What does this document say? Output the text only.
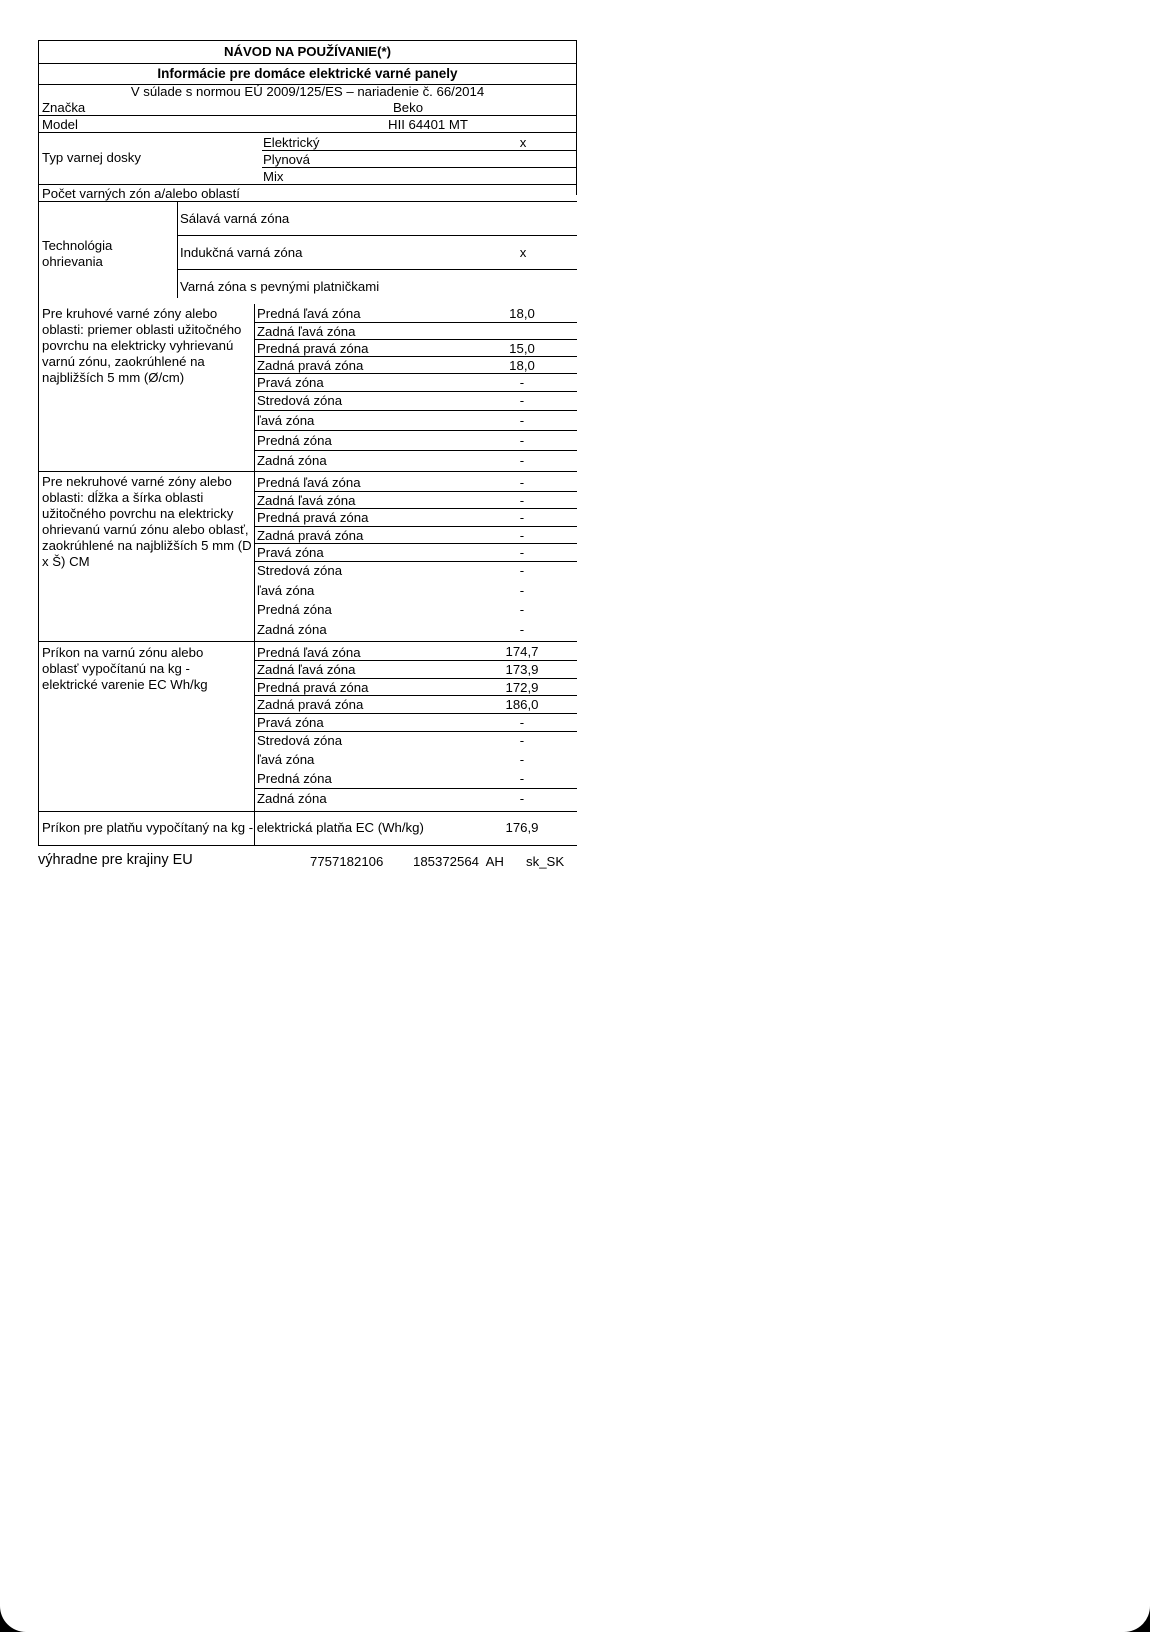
NÁVOD NA POUŽÍVANIE(*)
Informácie pre domáce elektrické varné panely
V súlade s normou EÚ 2009/125/ES – nariadenie č. 66/2014
Značka	Beko
Model	HII 64401 MT
Typ varnej dosky
Elektrický	x
Plynová
Mix
Počet varných zón a/alebo oblastí
Technológia ohrievania
Sálavá varná zóna
Indukčná varná zóna	x
Varná zóna s pevnými platničkami
Pre kruhové varné zóny alebo oblasti: priemer oblasti užitočného povrchu na elektricky vyhrievanú varnú zónu, zaokrúhlené na najbližších 5 mm (Ø/cm)
Predná ľavá zóna	18,0
Zadná ľavá zóna
Predná pravá zóna	15,0
Zadná pravá zóna	18,0
Pravá zóna	-
Stredová zóna	-
ľavá zóna	-
Predná zóna	-
Zadná zóna	-
Pre nekruhové varné zóny alebo oblasti: dĺžka a šírka oblasti užitočného povrchu na elektricky ohrievanú varnú zónu alebo oblasť, zaokrúhlené na najbližších 5 mm (D x Š) CM
Predná ľavá zóna	-
Zadná ľavá zóna	-
Predná pravá zóna	-
Zadná pravá zóna	-
Pravá zóna	-
Stredová zóna	-
ľavá zóna	-
Predná zóna	-
Zadná zóna	-
Príkon na varnú zónu alebo oblasť vypočítanú na kg - elektrické varenie EC Wh/kg
Predná ľavá zóna	174,7
Zadná ľavá zóna	173,9
Predná pravá zóna	172,9
Zadná pravá zóna	186,0
Pravá zóna	-
Stredová zóna	-
ľavá zóna	-
Predná zóna	-
Zadná zóna	-
Príkon pre platňu vypočítaný na kg - elektrická platňa EC (Wh/kg)	176,9
výhradne pre krajiny EU	7757182106 185372564  AH sk_SK
